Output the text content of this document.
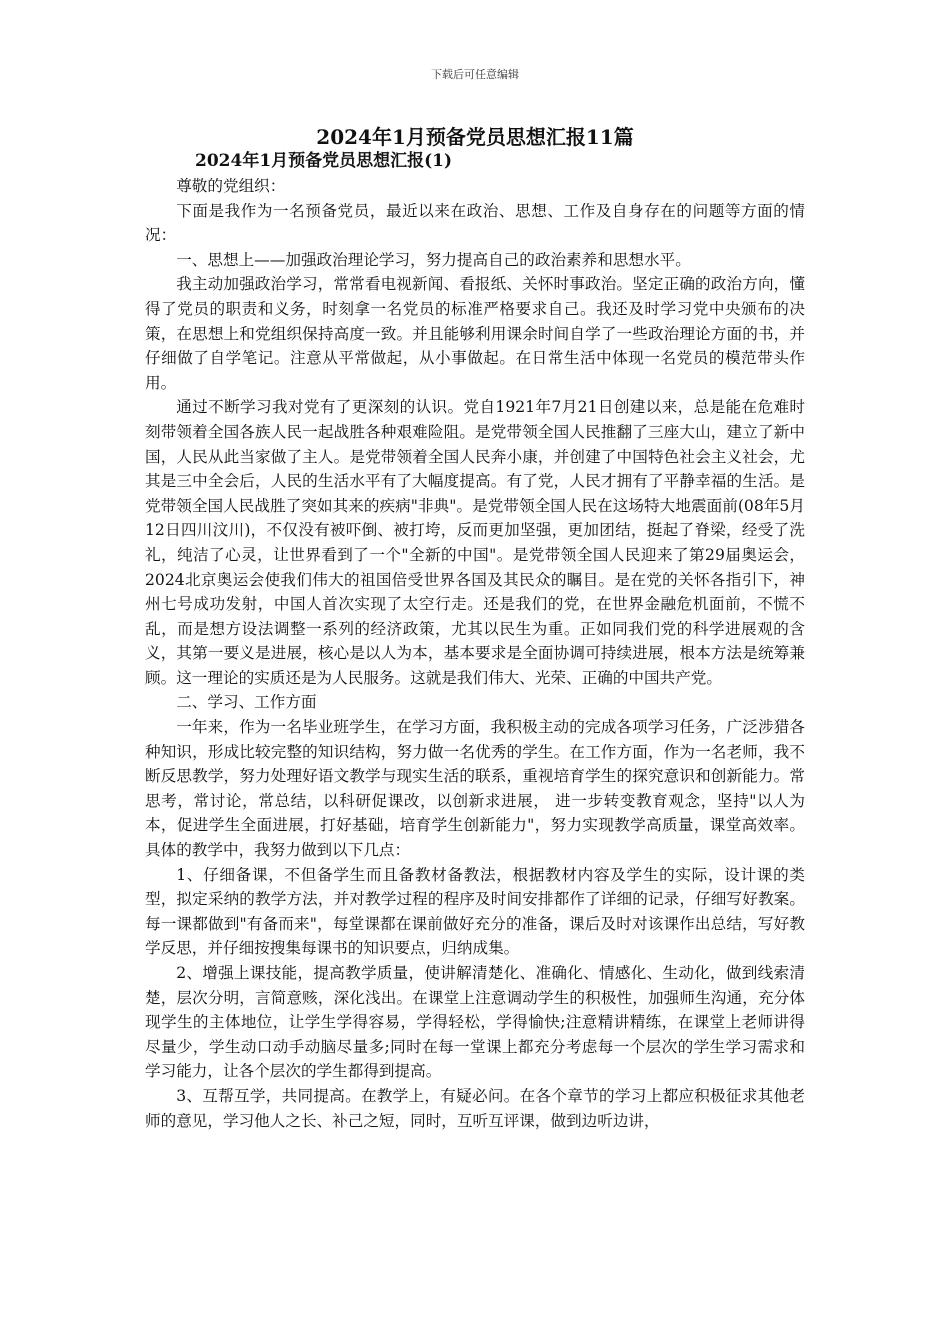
下载后可任意编辑
2024年1月预备党员思想汇报11篇
2024年1月预备党员思想汇报(1)

尊敬的党组织：

下面是我作为一名预备党员，最近以来在政治、思想、工作及自身存在的问题等方面的情况：

一、思想上——加强政治理论学习，努力提高自己的政治素养和思想水平。

我主动加强政治学习，常常看电视新闻、看报纸、关怀时事政治。坚定正确的政治方向，懂得了党员的职责和义务，时刻拿一名党员的标准严格要求自己。我还及时学习党中央颁布的决策，在思想上和党组织保持高度一致。并且能够利用课余时间自学了一些政治理论方面的书，并仔细做了自学笔记。注意从平常做起，从小事做起。在日常生活中体现一名党员的模范带头作用。

通过不断学习我对党有了更深刻的认识。党自1921年7月21日创建以来，总是能在危难时刻带领着全国各族人民一起战胜各种艰难险阻。是党带领全国人民推翻了三座大山，建立了新中国，人民从此当家做了主人。是党带领着全国人民奔小康，并创建了中国特色社会主义社会，尤其是三中全会后，人民的生活水平有了大幅度提高。有了党，人民才拥有了平静幸福的生活。是党带领全国人民战胜了突如其来的疾病"非典"。是党带领全国人民在这场特大地震面前(08年5月12日四川汶川)，不仅没有被吓倒、被打垮，反而更加坚强，更加团结，挺起了脊梁，经受了洗礼，纯洁了心灵，让世界看到了一个"全新的中国"。是党带领全国人民迎来了第29届奥运会，2024北京奥运会使我们伟大的祖国倍受世界各国及其民众的瞩目。是在党的关怀各指引下，神州七号成功发射，中国人首次实现了太空行走。还是我们的党，在世界金融危机面前，不慌不乱，而是想方设法调整一系列的经济政策，尤其以民生为重。正如同我们党的科学进展观的含义，其第一要义是进展，核心是以人为本，基本要求是全面协调可持续进展，根本方法是统筹兼顾。这一理论的实质还是为人民服务。这就是我们伟大、光荣、正确的中国共产党。

二、学习、工作方面

一年来，作为一名毕业班学生，在学习方面，我积极主动的完成各项学习任务，广泛涉猎各种知识，形成比较完整的知识结构，努力做一名优秀的学生。在工作方面，作为一名老师，我不断反思教学，努力处理好语文教学与现实生活的联系，重视培育学生的探究意识和创新能力。常思考，常讨论，常总结，以科研促课改，以创新求进展， 进一步转变教育观念，坚持"以人为本，促进学生全面进展，打好基础，培育学生创新能力"，努力实现教学高质量，课堂高效率。具体的教学中，我努力做到以下几点：

1、仔细备课，不但备学生而且备教材备教法，根据教材内容及学生的实际，设计课的类型，拟定采纳的教学方法，并对教学过程的程序及时间安排都作了详细的记录，仔细写好教案。每一课都做到"有备而来"，每堂课都在课前做好充分的准备，课后及时对该课作出总结，写好教学反思，并仔细按搜集每课书的知识要点，归纳成集。

2、增强上课技能，提高教学质量，使讲解清楚化、准确化、情感化、生动化，做到线索清楚，层次分明，言简意赅，深化浅出。在课堂上注意调动学生的积极性，加强师生沟通，充分体现学生的主体地位，让学生学得容易，学得轻松，学得愉快;注意精讲精练，在课堂上老师讲得尽量少，学生动口动手动脑尽量多;同时在每一堂课上都充分考虑每一个层次的学生学习需求和学习能力，让各个层次的学生都得到提高。

3、互帮互学，共同提高。在教学上，有疑必问。在各个章节的学习上都应积极征求其他老师的意见，学习他人之长、补己之短，同时，互听互评课，做到边听边讲，
